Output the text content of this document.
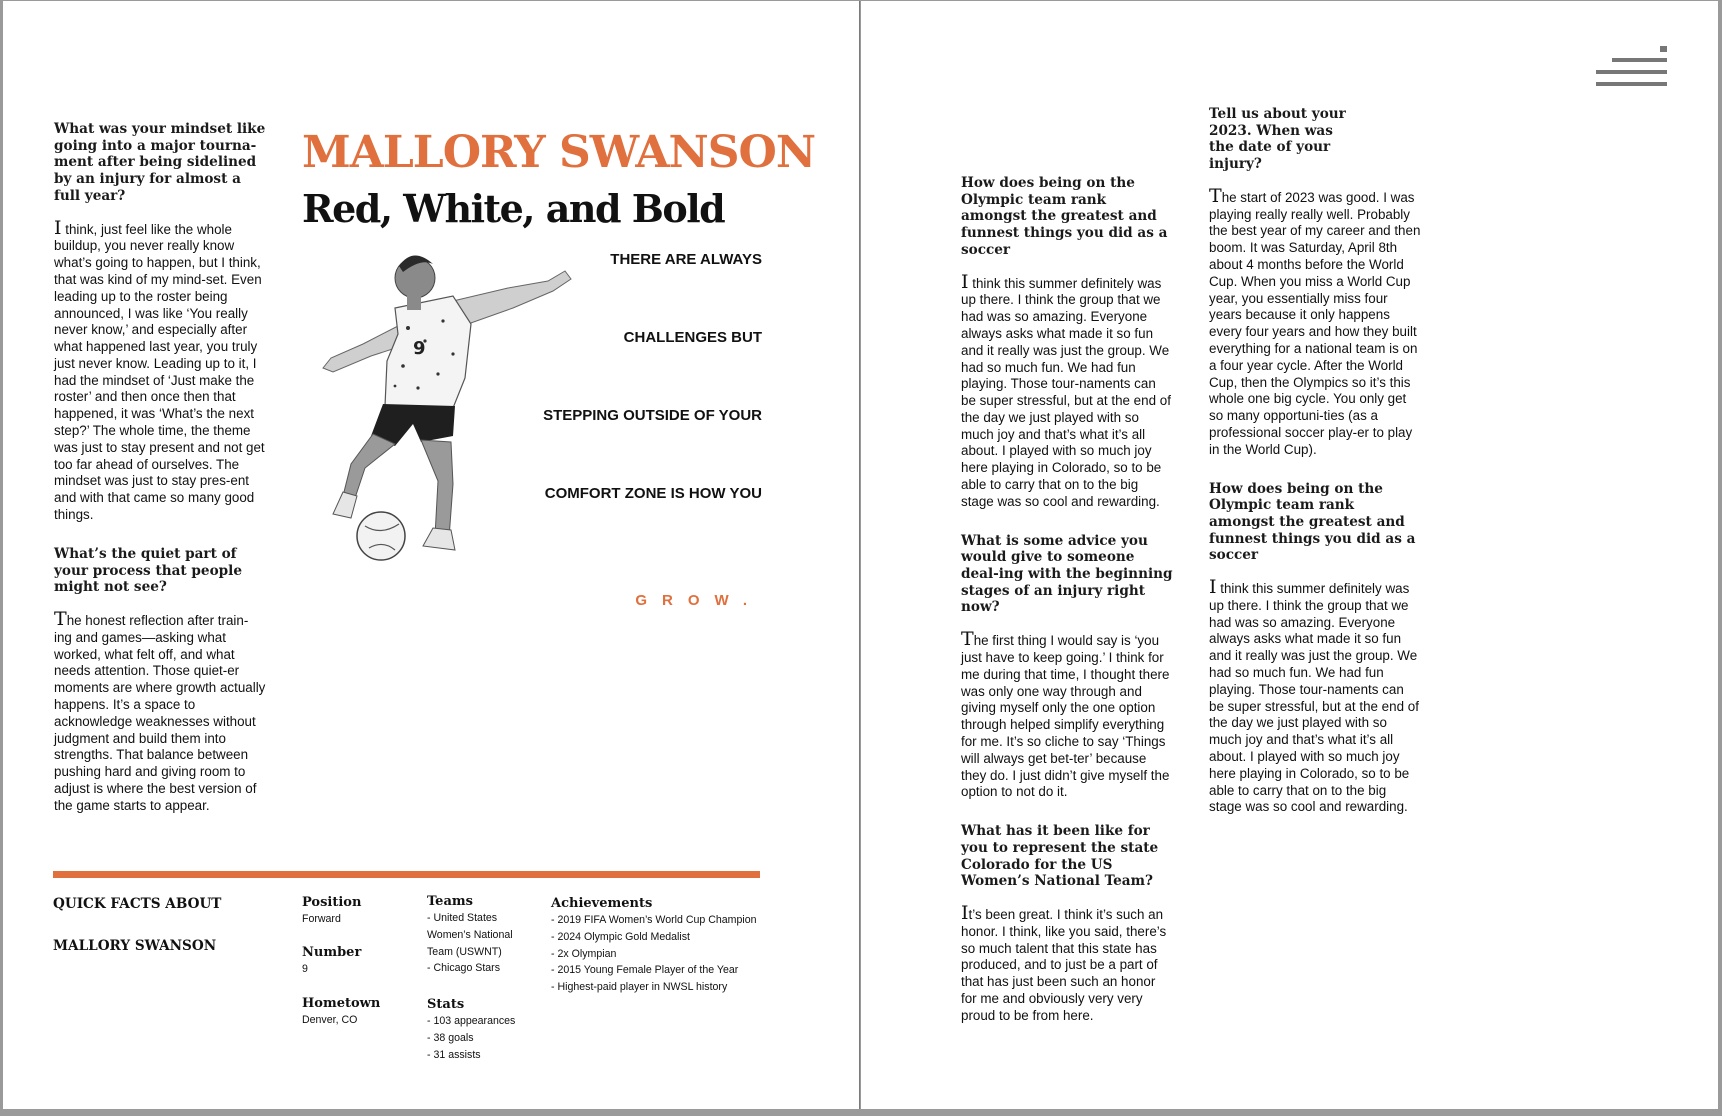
What was your mindset like going into a major tourna-ment after being sidelined by an injury for almost a full year?

I think, just feel like the whole buildup, you never really know what’s going to happen, but I think, that was kind of my mind-set. Even leading up to the roster being announced, I was like ‘You really never know,’ and especially after what happened last year, you truly just never know. Leading up to it, I had the mindset of ‘Just make the roster’ and then once then that happened, it was ‘What’s the next step?’ The whole time, the theme was just to stay present and not get too far ahead of ourselves. The mindset was just to stay pres-ent and with that came so many good things.

What’s the quiet part of your process that people might not see?

The honest reflection after train-ing and games—asking what worked, what felt off, and what needs attention. Those quiet-er moments are where growth actually happens. It’s a space to acknowledge weaknesses without judgment and build them into strengths. That balance between pushing hard and giving room to adjust is where the best version of the game starts to appear.

MALLORY SWANSON
Red, White, and Bold
9
THERE ARE ALWAYS
CHALLENGES BUT
STEPPING OUTSIDE OF YOUR
COMFORT ZONE IS HOW YOU
GROW.
QUICK FACTS ABOUT
MALLORY SWANSON
Position
Forward
Number
9
Hometown
Denver, CO
Teams
- United States
Women’s National
Team (USWNT)
- Chicago Stars
Stats
- 103 appearances
- 38 goals
- 31 assists
Achievements
- 2019 FIFA Women’s World Cup Champion
- 2024 Olympic Gold Medalist
- 2x Olympian
- 2015 Young Female Player of the Year
- Highest-paid player in NWSL history
How does being on the Olympic team rank amongst the greatest and funnest things you did as a soccer

I think this summer definitely was up there. I think the group that we had was so amazing. Everyone always asks what made it so fun and it really was just the group. We had so much fun. We had fun playing. Those tour-naments can be super stressful, but at the end of the day we just played with so much joy and that’s what it’s all about. I played with so much joy here playing in Colorado, so to be able to carry that on to the big stage was so cool and rewarding.

What is some advice you would give to someone deal-ing with the beginning stages of an injury right now?

The first thing I would say is ‘you just have to keep going.’ I think for me during that time, I thought there was only one way through and giving myself only the one option through helped simplify everything for me. It’s so cliche to say ‘Things will always get bet-ter’ because they do. I just didn’t give myself the option to not do it.

What has it been like for you to represent the state Colorado for the US Women’s National Team?

It’s been great. I think it’s such an honor. I think, like you said, there’s so much talent that this state has produced, and to just be a part of that has just been such an honor for me and obviously very very proud to be from here.

Tell us about your 2023. When was the date of your injury?

The start of 2023 was good. I was playing really really well. Probably the best year of my career and then boom. It was Saturday, April 8th about 4 months before the World Cup. When you miss a World Cup year, you essentially miss four years because it only happens every four years and how they built everything for a national team is on a four year cycle. After the World Cup, then the Olympics so it’s this whole one big cycle. You only get so many opportuni-ties (as a professional soccer play-er to play in the World Cup).

How does being on the Olympic team rank amongst the greatest and funnest things you did as a soccer

I think this summer definitely was up there. I think the group that we had was so amazing. Everyone always asks what made it so fun and it really was just the group. We had so much fun. We had fun playing. Those tour-naments can be super stressful, but at the end of the day we just played with so much joy and that’s what it’s all about. I played with so much joy here playing in Colorado, so to be able to carry that on to the big stage was so cool and rewarding.
